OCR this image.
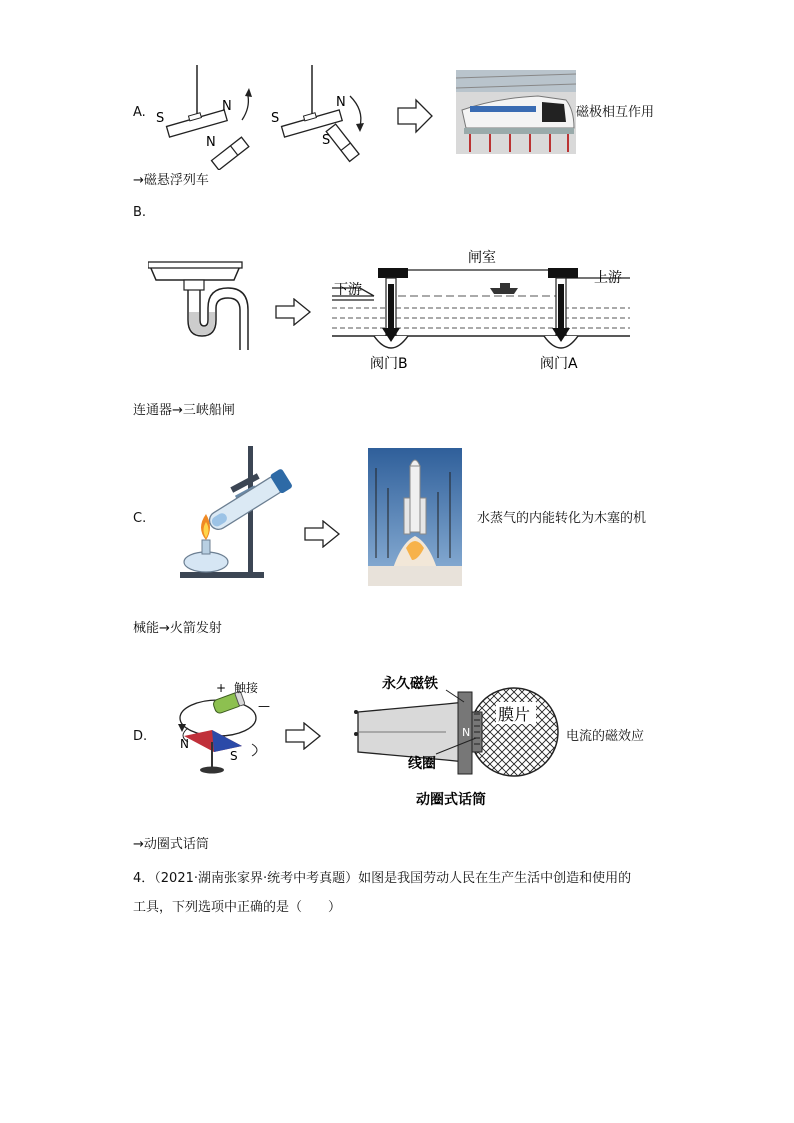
A. S
N
N
S
N
S
磁极相互作用
→磁悬浮列车
B.
闸室
下游
上游
阀门B	阀门A
连通器→三峡船闸
C.	水蒸气的内能转化为木塞的机
械能→火箭发射
D.
+ 触接
—
N
S
膜片
S
N
S
永久磁铁
线圈
动圈式话筒
电流的磁效应
→动圈式话筒
4．（2021·湖南张家界·统考中考真题）如图是我国劳动人民在生产生活中创造和使用的
工具，下列选项中正确的是（　　）
